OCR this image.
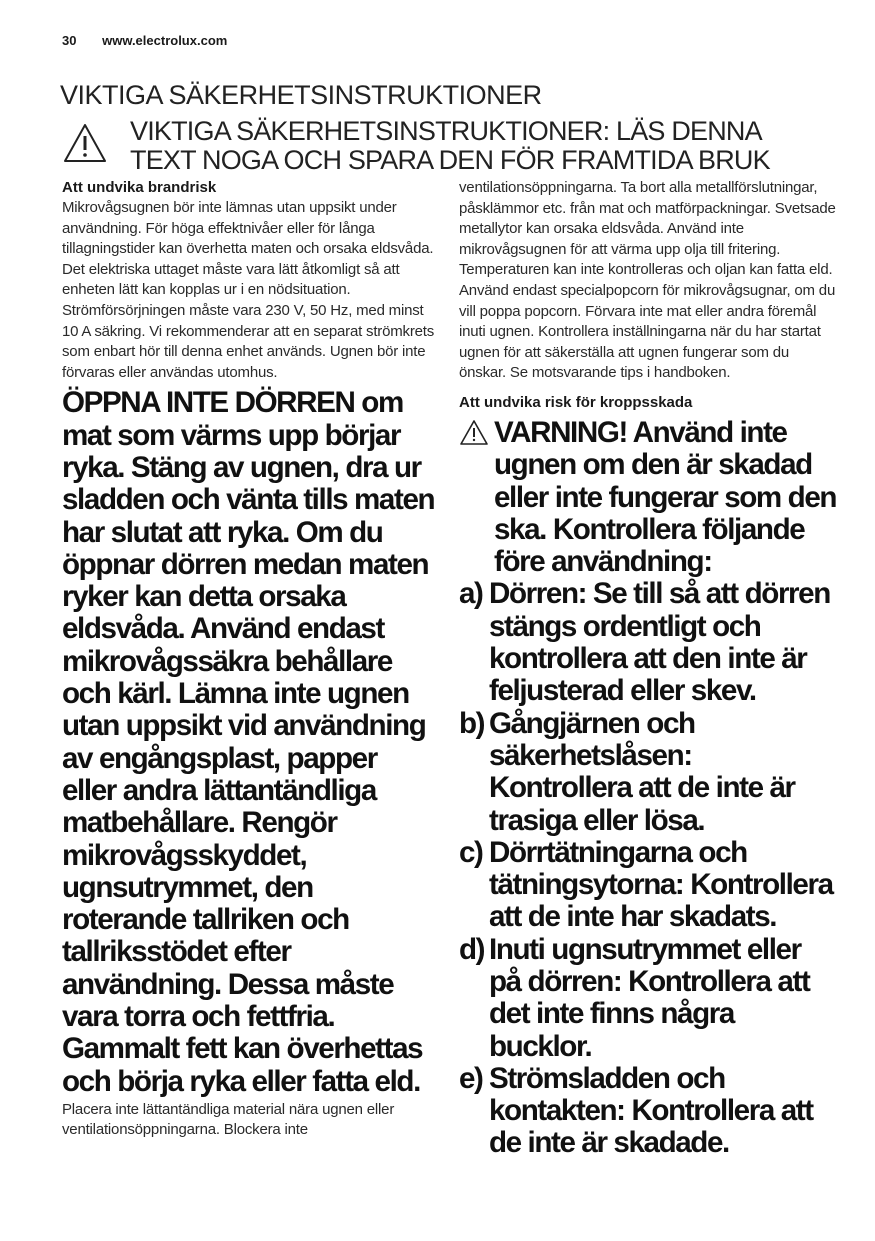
30 www.electrolux.com
VIKTIGA SÄKERHETSINSTRUKTIONER
VIKTIGA SÄKERHETSINSTRUKTIONER: LÄS DENNA
TEXT NOGA OCH SPARA DEN FÖR FRAMTIDA BRUK

Att undvika brandrisk

Mikrovågsugnen bör inte lämnas utan uppsikt under användning. För höga effektnivåer eller för långa tillagningstider kan överhetta maten och orsaka eldsvåda. Det elektriska uttaget måste vara lätt åtkomligt så att enheten lätt kan kopplas ur i en nödsituation. Strömförsörjningen måste vara 230 V, 50 Hz, med minst 10 A säkring. Vi rekommenderar att en separat strömkrets som enbart hör till denna enhet används. Ugnen bör inte förvaras eller användas utomhus.

ÖPPNA INTE DÖRREN om mat som värms upp börjar ryka. Stäng av ugnen, dra ur sladden och vänta tills maten har slutat att ryka. Om du öppnar dörren medan maten ryker kan detta orsaka eldsvåda. Använd endast mikrovågssäkra behållare och kärl. Lämna inte ugnen utan uppsikt vid användning av engångsplast, papper eller andra lättantändliga matbehållare. Rengör mikrovågsskyddet, ugnsutrymmet, den roterande tallriken och tallriksstödet efter användning. Dessa måste vara torra och fettfria. Gammalt fett kan överhettas och börja ryka eller fatta eld.

Placera inte lättantändliga material nära ugnen eller ventilationsöppningarna. Blockera inte

ventilationsöppningarna. Ta bort alla metallförslutningar, påsklämmor etc. från mat och matförpackningar. Svetsade metallytor kan orsaka eldsvåda. Använd inte mikrovågsugnen för att värma upp olja till fritering. Temperaturen kan inte kontrolleras och oljan kan fatta eld. Använd endast specialpopcorn för mikrovågsugnar, om du vill poppa popcorn. Förvara inte mat eller andra föremål inuti ugnen. Kontrollera inställningarna när du har startat ugnen för att säkerställa att ugnen fungerar som du önskar. Se motsvarande tips i handboken.

Att undvika risk för kroppsskada

VARNING! Använd inte ugnen om den är skadad eller inte fungerar som den ska. Kontrollera följande före användning:
a) Dörren: Se till så att dörren stängs ordentligt och kontrollera att den inte är feljusterad eller skev.
b) Gångjärnen och säkerhetslåsen: Kontrollera att de inte är trasiga eller lösa.
c) Dörrtätningarna och tätningsytorna: Kontrollera att de inte har skadats.
d) Inuti ugnsutrymmet eller på dörren: Kontrollera att det inte finns några bucklor.
e) Strömsladden och kontakten: Kontrollera att de inte är skadade.
